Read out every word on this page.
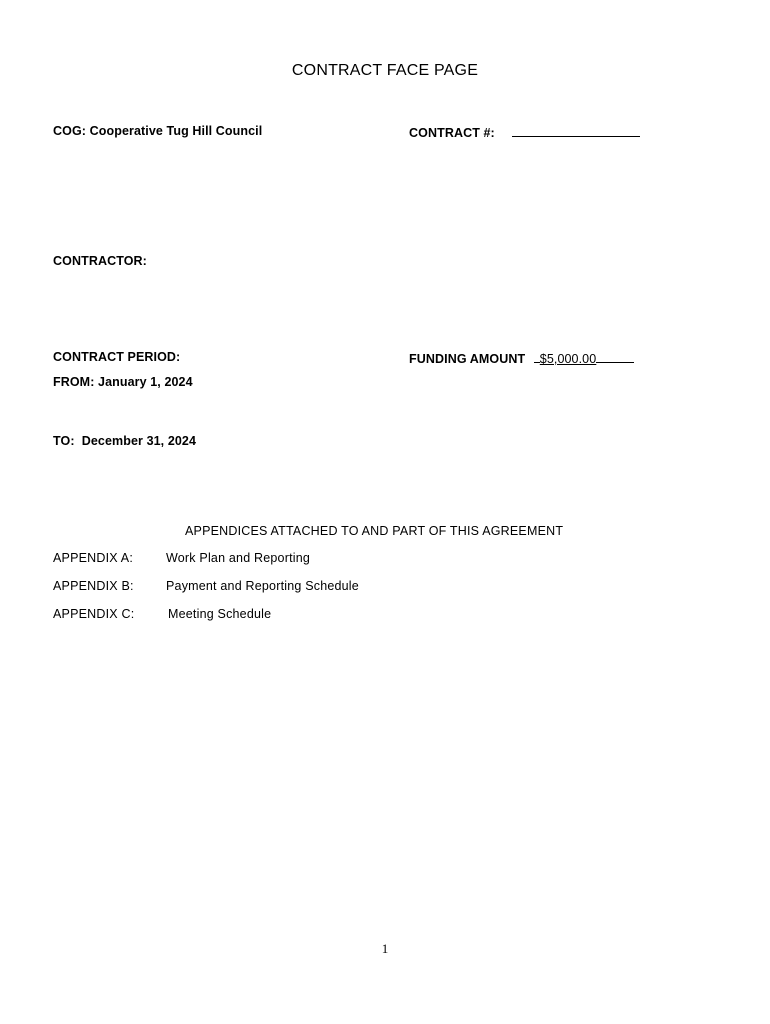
CONTRACT FACE PAGE
COG: Cooperative Tug Hill Council	CONTRACT #:
CONTRACTOR:
CONTRACT PERIOD:	FUNDING AMOUNT $5,000.00
FROM: January 1, 2024
TO:  December 31, 2024
APPENDICES ATTACHED TO AND PART OF THIS AGREEMENT
APPENDIX A:	Work Plan and Reporting
APPENDIX B:	Payment and Reporting Schedule
APPENDIX C:	Meeting Schedule
1
